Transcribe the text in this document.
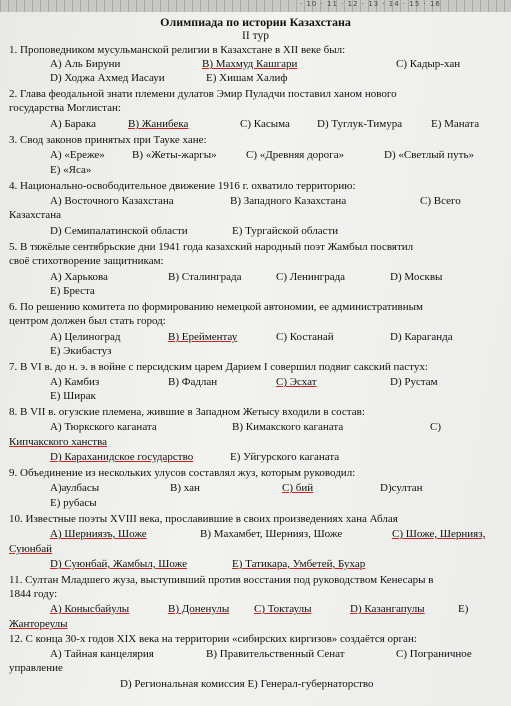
· 10 · 11 · 12 · 13 · 14 · 15 · 16
Олимпиада по истории Казахстана
II тур
1. Проповедником мусульманской религии в Казахстане в XII веке был:
А) Аль Бируни	В) Махмуд Кашгари	С) Кадыр-хан
D) Ходжа Ахмед Иасауи	Е) Хишам Халиф
2. Глава феодальной знати племени дулатов Эмир Пуладчи поставил ханом нового
государства Моглистан:
А) Барака	В) Жанибека	С) Касыма D) Туглук-Тимура	Е) Маната
3. Свод законов принятых при Тауке хане:
А) «Ереже» В) «Жеты-жаргы»	С) «Древняя дорога»	D) «Светлый путь»
Е) «Яса»
4. Национально-освободительное движение 1916 г. охватило территорию:
А) Восточного Казахстана	В) Западного Казахстана	С) Всего
Казахстана
D) Семипалатинской области	Е) Тургайской области
5. В тяжёлые сентябрьские дни 1941 года казахский народный поэт Жамбыл посвятил
своё стихотворение защитникам:
А) Харькова	В) Сталинграда	С) Ленинграда	D) Москвы
Е) Бреста
6. По решению комитета по формированию немецкой автономии, ее административным
центром должен был стать город:
А) Целиноград	В) Ерейментау	С) Костанай	D) Караганда
Е) Экибастуз
7. В VI в. до н. э. в войне с персидским царем Дарием I совершил подвиг сакский пастух:
А) Камбиз	В) Фадлан	С) Эсхат	D) Рустам
Е) Ширак
8. В VII в. огузские племена, жившие в Западном Жетысу входили в состав:
А) Тюркского каганата	В) Кимакского каганата	С)
Кипчакского ханства
D) Караханидское государство	Е) Уйгурского каганата
9. Объединение из нескольких улусов составлял жуз, которым руководил:
А)аулбасы	В) хан	С) бий	D)султан
Е) рубасы
10. Известные поэты XVIII века, прославившие в своих произведениях хана Аблая
А) Шерниязъ, Шоже	В) Махамбет, Шернияз, Шоже	С) Шоже, Шернияз,
Суюнбай
D) Суюнбай, Жамбыл, Шоже	Е) Татикара, Умбетей, Бухар
11. Султан Младшего жуза, выступивший против восстания под руководством Кенесары в
1844 году:
А) Конысбайулы	В) Доненулы С) Токтаулы	D) Казангапулы	Е)
Жантореулы
12. С конца 30-х годов XIX века на территории «сибирских киргизов» создаётся орган:
А) Тайная канцелярия	В) Правительственный Сенат	С) Пограничное
управление
D) Региональная комиссия Е) Генерал-губернаторство
